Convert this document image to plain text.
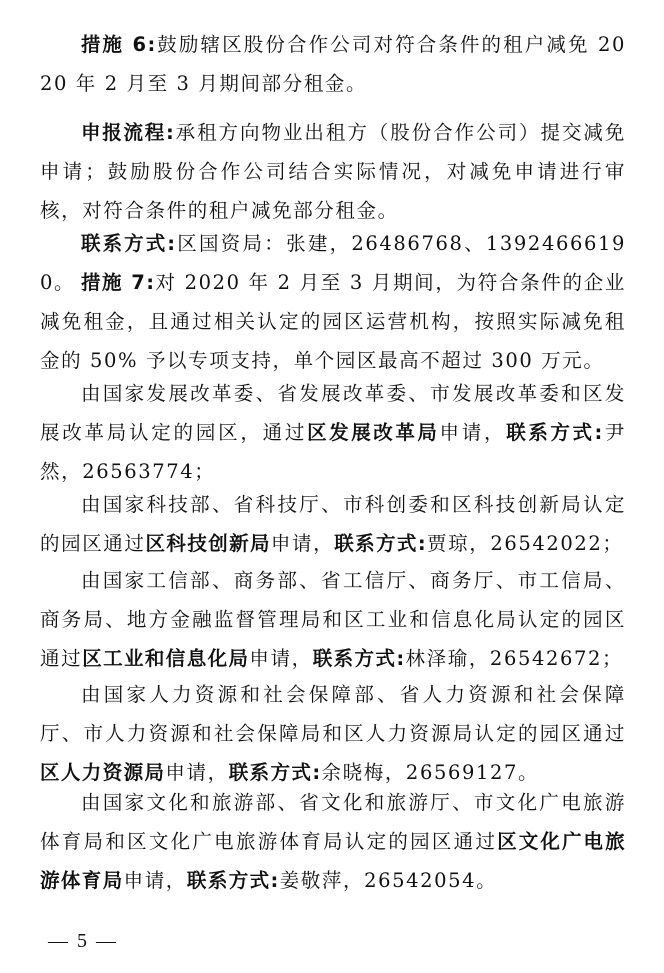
措施 6:鼓励辖区股份合作公司对符合条件的租户减免 2020 年 2 月至 3 月期间部分租金。

申报流程:承租方向物业出租方（股份合作公司）提交减免申请；鼓励股份合作公司结合实际情况，对减免申请进行审核，对符合条件的租户减免部分租金。

联系方式:区国资局：张建，26486768、13924666190。 措施 7:对 2020 年 2 月至 3 月期间，为符合条件的企业减免租金，且通过相关认定的园区运营机构，按照实际减免租金的 50% 予以专项支持，单个园区最高不超过 300 万元。

由国家发展改革委、省发展改革委、市发展改革委和区发展改革局认定的园区，通过区发展改革局申请，联系方式:尹然，26563774；

由国家科技部、省科技厅、市科创委和区科技创新局认定的园区通过区科技创新局申请，联系方式:贾琼，26542022；

由国家工信部、商务部、省工信厅、商务厅、市工信局、商务局、地方金融监督管理局和区工业和信息化局认定的园区通过区工业和信息化局申请，联系方式:林泽瑜，26542672；

由国家人力资源和社会保障部、省人力资源和社会保障厅、市人力资源和社会保障局和区人力资源局认定的园区通过区人力资源局申请，联系方式:余晓梅，26569127。

由国家文化和旅游部、省文化和旅游厅、市文化广电旅游体育局和区文化广电旅游体育局认定的园区通过区文化广电旅游体育局申请，联系方式:姜敬萍，26542054。

— 5 —
